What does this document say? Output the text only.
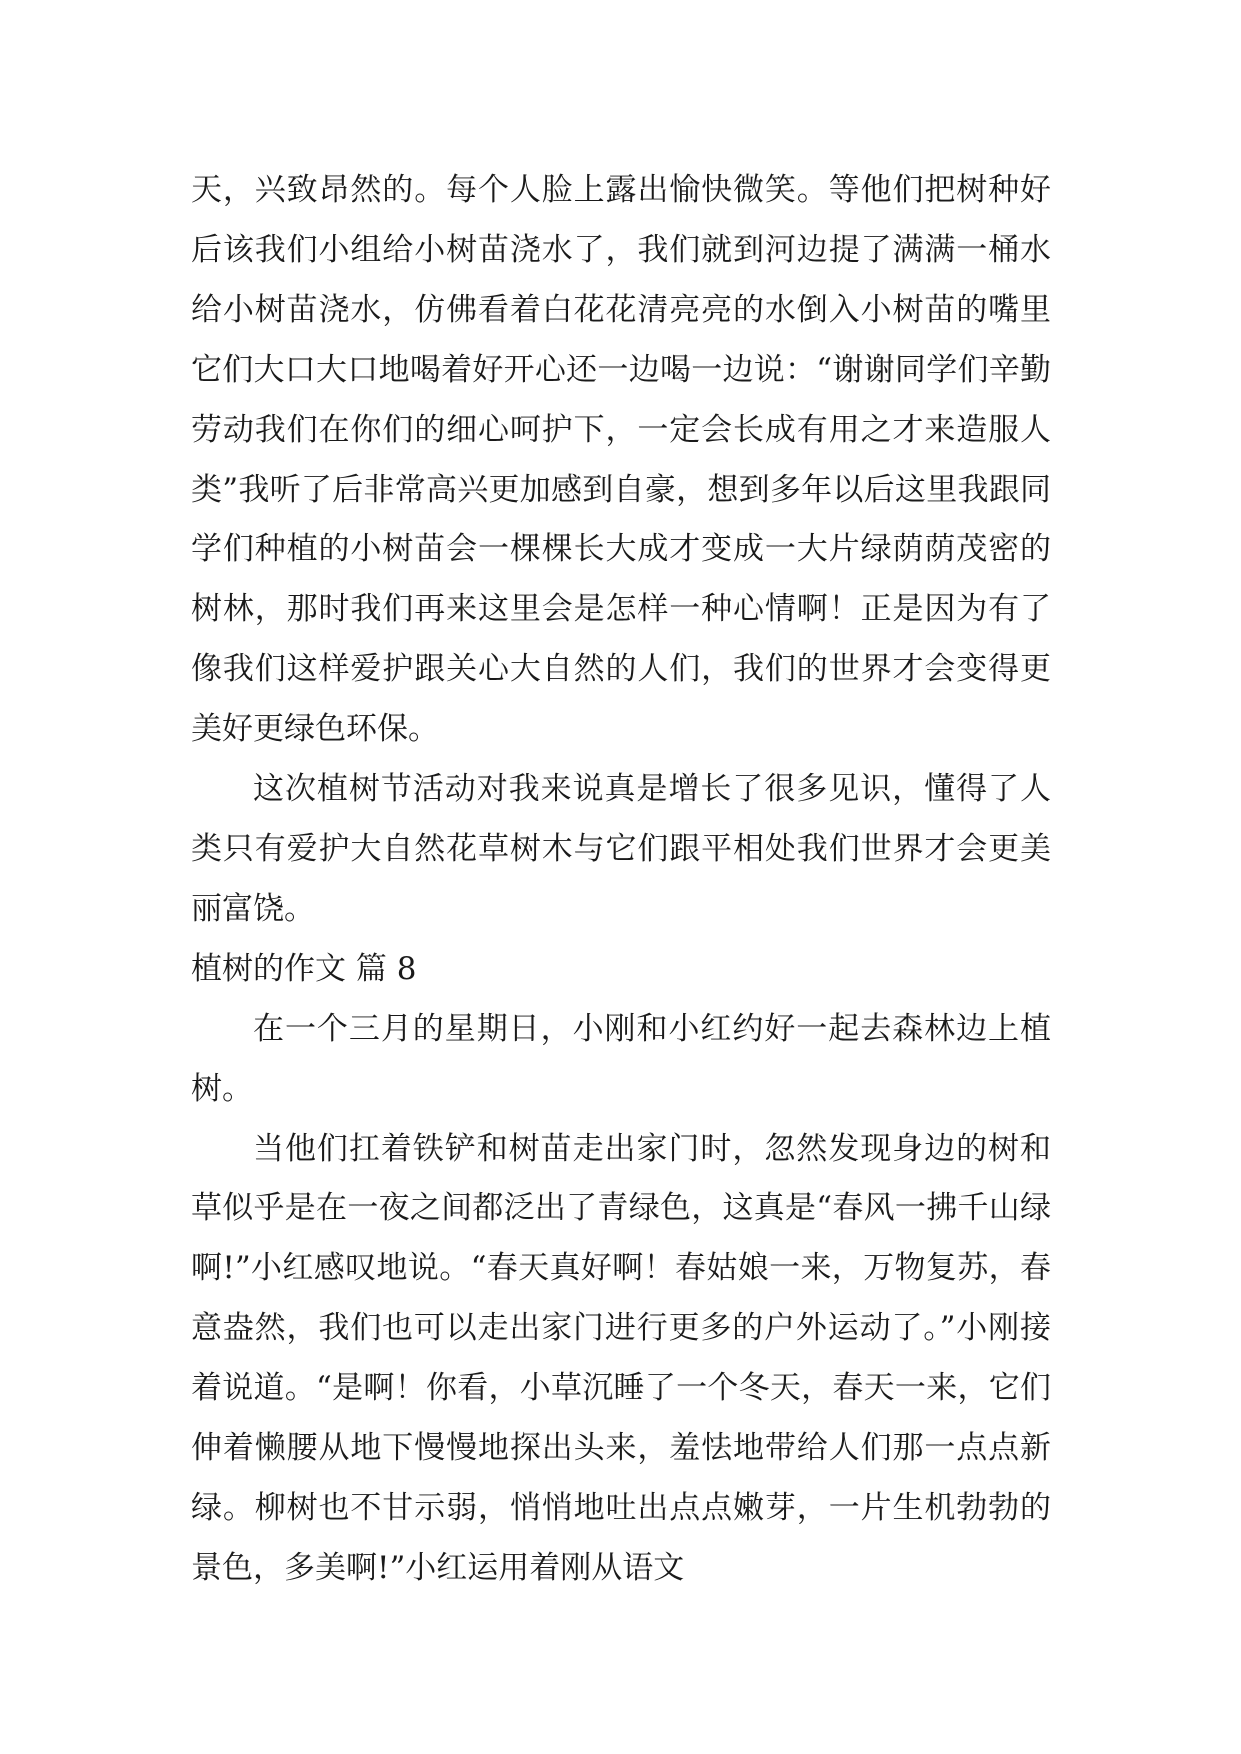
天，兴致昂然的。每个人脸上露出愉快微笑。等他们把树种好后该我们小组给小树苗浇水了，我们就到河边提了满满一桶水给小树苗浇水，仿佛看着白花花清亮亮的水倒入小树苗的嘴里它们大口大口地喝着好开心还一边喝一边说：“谢谢同学们辛勤劳动我们在你们的细心呵护下，一定会长成有用之才来造服人类”我听了后非常高兴更加感到自豪，想到多年以后这里我跟同学们种植的小树苗会一棵棵长大成才变成一大片绿荫荫茂密的树林，那时我们再来这里会是怎样一种心情啊！正是因为有了像我们这样爱护跟关心大自然的人们，我们的世界才会变得更美好更绿色环保。

这次植树节活动对我来说真是增长了很多见识，懂得了人类只有爱护大自然花草树木与它们跟平相处我们世界才会更美丽富饶。

植树的作文 篇 8

在一个三月的星期日，小刚和小红约好一起去森林边上植树。

当他们扛着铁铲和树苗走出家门时，忽然发现身边的树和草似乎是在一夜之间都泛出了青绿色，这真是“春风一拂千山绿啊!”小红感叹地说。“春天真好啊！春姑娘一来，万物复苏，春意盎然，我们也可以走出家门进行更多的户外运动了。”小刚接着说道。“是啊！你看，小草沉睡了一个冬天，春天一来，它们伸着懒腰从地下慢慢地探出头来，羞怯地带给人们那一点点新绿。柳树也不甘示弱，悄悄地吐出点点嫩芽，一片生机勃勃的景色，多美啊!”小红运用着刚从语文
